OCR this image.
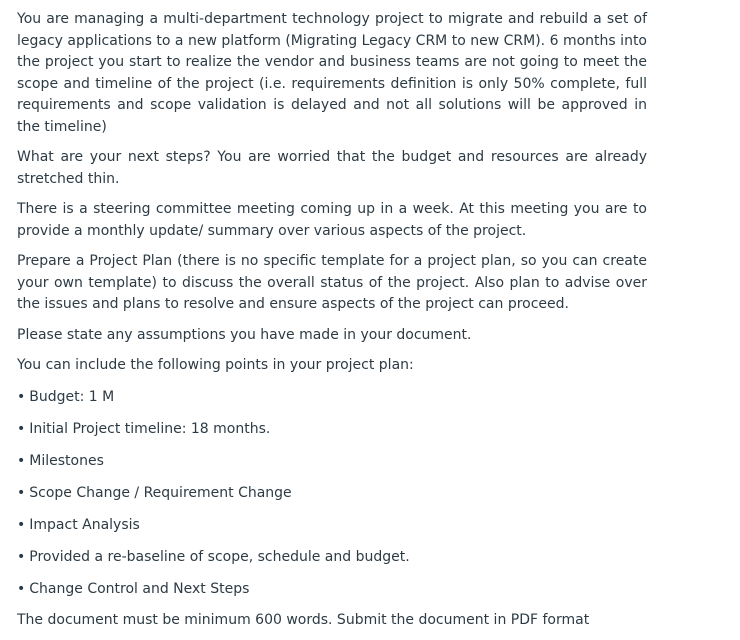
You are managing a multi-department technology project to migrate and rebuild a set of legacy applications to a new platform (Migrating Legacy CRM to new CRM). 6 months into the project you start to realize the vendor and business teams are not going to meet the scope and timeline of the project (i.e. requirements definition is only 50% complete, full requirements and scope validation is delayed and not all solutions will be approved in the timeline)

What are your next steps? You are worried that the budget and resources are already stretched thin.

There is a steering committee meeting coming up in a week. At this meeting you are to provide a monthly update/ summary over various aspects of the project.

Prepare a Project Plan (there is no specific template for a project plan, so you can create your own template) to discuss the overall status of the project. Also plan to advise over the issues and plans to resolve and ensure aspects of the project can proceed.

Please state any assumptions you have made in your document.

You can include the following points in your project plan:

• Budget: 1 M
• Initial Project timeline: 18 months.
• Milestones
• Scope Change / Requirement Change
• Impact Analysis
• Provided a re-baseline of scope, schedule and budget.
• Change Control and Next Steps

The document must be minimum 600 words. Submit the document in PDF format
